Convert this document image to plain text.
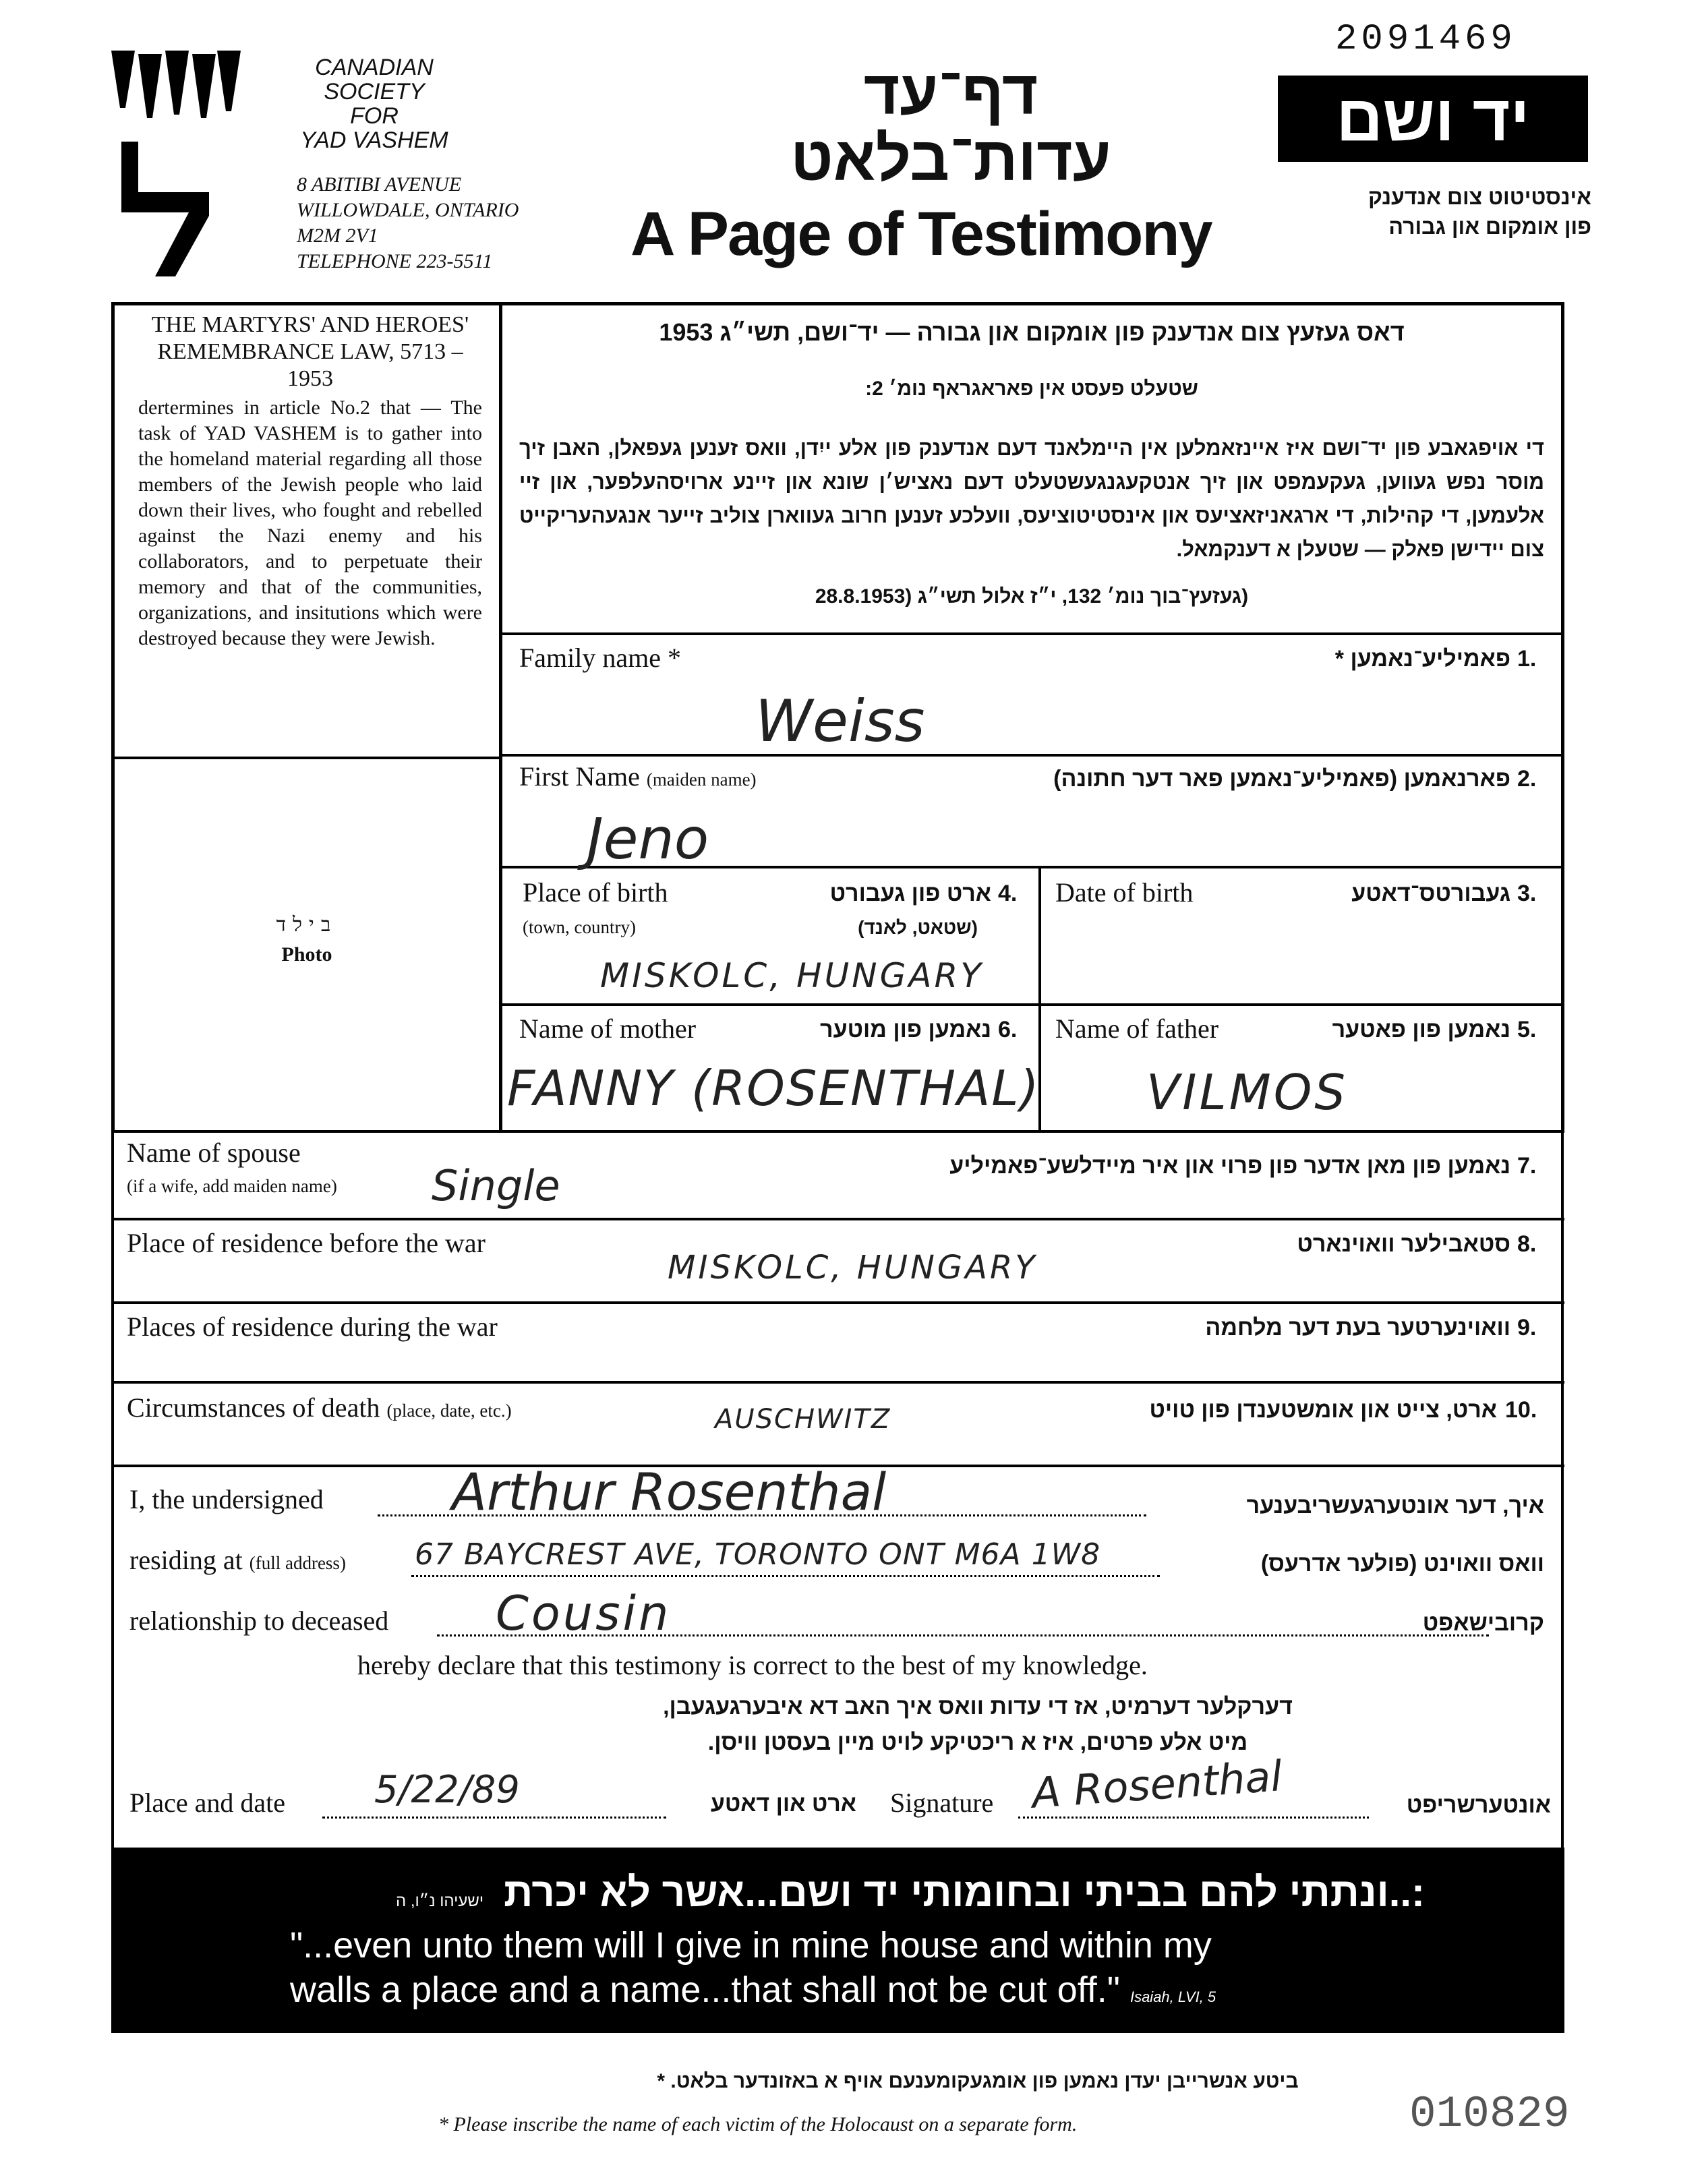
2091469
CANADIAN
SOCIETY
FOR
YAD VASHEM
8 ABITIBI AVENUE
WILLOWDALE, ONTARIO
M2M 2V1
TELEPHONE 223-5511
דף־עד
עדות־בלאט
A Page of Testimony
יד ושם
אינסטיטוט צום אנדענק
פון אומקום און גבורה
THE MARTYRS' AND HEROES' REMEMBRANCE LAW, 5713 – 1953
dertermines in article No.2 that — The task of YAD VASHEM is to gather into the homeland material regarding all those members of the Jewish people who laid down their lives, who fought and rebelled against the Nazi enemy and his collaborators, and to perpetuate their memory and that of the communities, organizations, and insitutions which were destroyed because they were Jewish.
בילד
Photo
דאס געזעץ צום אנדענק פון אומקום און גבורה — יד־ושם, תשי״ג 1953
שטעלט פעסט אין פאראגראף נומ׳ 2:
די אויפגאבע פון יד־ושם איז איינזאמלען אין היימלאנד דעם אנדענק פון אלע ייִדן, וואס זענען געפאלן, האבן זיך מוסר נפש געווען, געקעמפט און זיך אנטקעגנגעשטעלט דעם נאציש׳ן שונא און זיינע ארויסהעלפער, און זיי אלעמען, די קהילות, די ארגאניזאציעס און אינסטיטוציעס, וועלכע זענען חרוב געווארן צוליב זייער אנגעהעריקייט צום יידישן פאלק — שטעלן א דענקמאל.
(געזעץ־בוך נומ׳ 132, י״ז אלול תשי״ג (28.8.1953
Family name *	פאמיליע־נאמען * 1.
Weiss
First Name (maiden name)	פארנאמען (פאמיליע־נאמען פאר דער חתונה) 2.
Jeno
Place of birth
(town, country)
ארט פון געבורט 4.
(שטאט, לאנד)
MISKOLC, HUNGARY
Date of birth	געבורטס־דאטע 3.
Name of mother	נאמען פון מוטער 6.
FANNY (ROSENTHAL)
Name of father	נאמען פון פאטער 5.
VILMOS
Name of spouse
(if a wife, add maiden name)
נאמען פון מאן אדער פון פרוי און איר מיידלשע־פאמיליע 7.
Single
Place of residence before the war	סטאבילער וואוינארט 8.
MISKOLC, HUNGARY
Places of residence during the war	וואוינערטער בעת דער מלחמה 9.
Circumstances of death (place, date, etc.)	ארט, צייט און אומשטענדן פון טויט 10.
AUSCHWITZ
I, the undersigned	Arthur Rosenthal	איך, דער אונטערגעשריבענער
residing at (full address) 67 BAYCREST AVE, TORONTO ONT M6A 1W8	וואס וואוינט (פולער אדרעס)
relationship to deceased Cousin	קרובישאפט
hereby declare that this testimony is correct to the best of my knowledge.
דערקלער דערמיט, אז די עדות וואס איך האב דא איבערגעגעבן,
מיט אלע פרטים, איז א ריכטיקע לויט מיין בעסטן וויסן.
Place and date 5/22/89	ארט און דאטע Signature A Rosenthal	אונטערשריפט
ישעיהו נ״ו, ה :..ונתתי להם בביתי ובחומותי יד ושם...אשר לא יכרת
"...even unto them will I give in mine house and within my
walls a place and a name...that shall not be cut off." Isaiah, LVI, 5
ביטע אנשרייבן יעדן נאמען פון אומגעקומענעם אויף א באזונדער בלאט. *
* Please inscribe the name of each victim of the Holocaust on a separate form.	010829
